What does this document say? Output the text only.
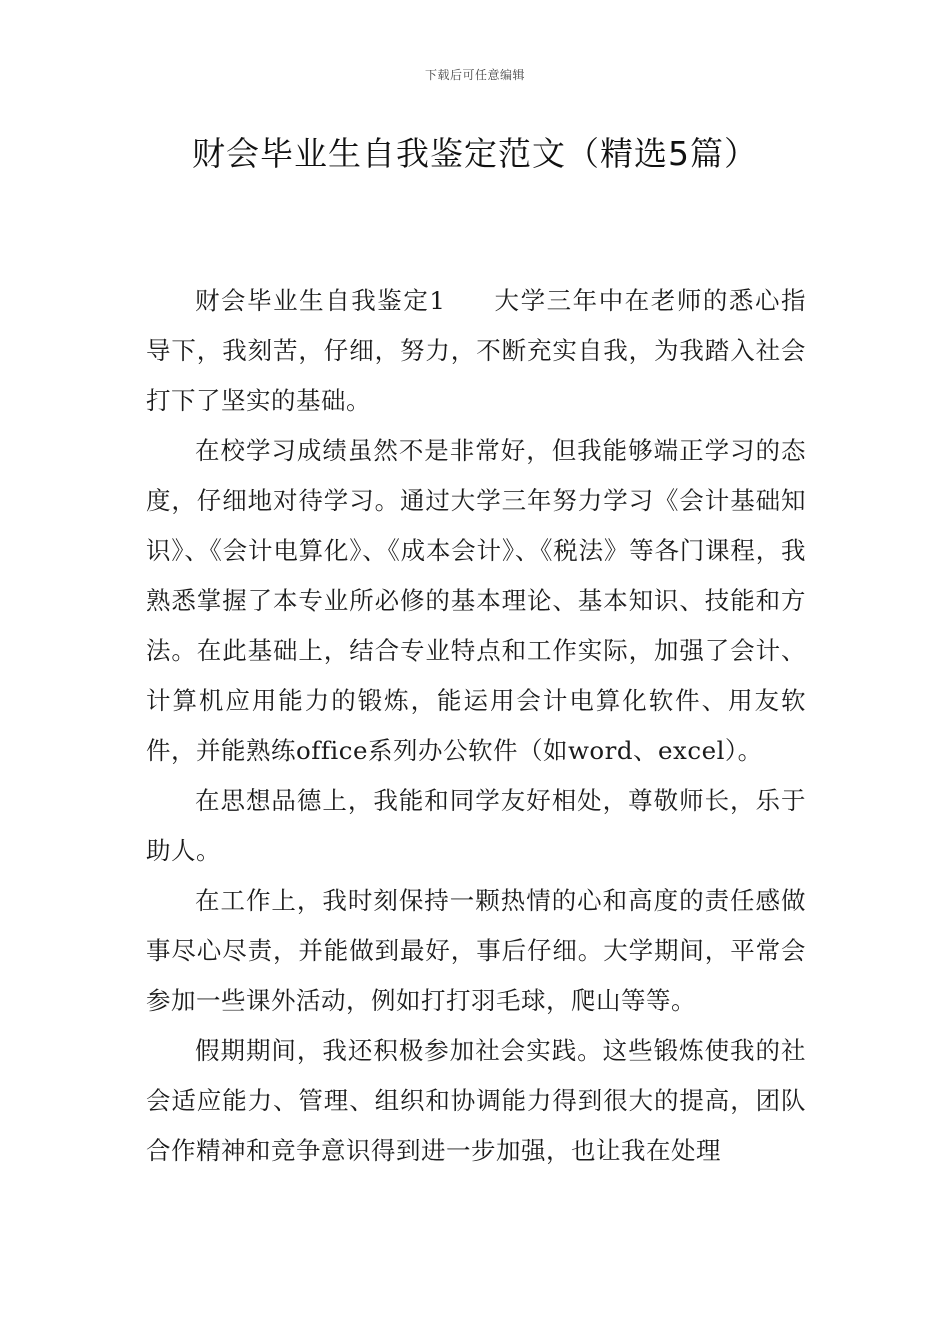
下载后可任意编辑
财会毕业生自我鉴定范文（精选5篇）

财会毕业生自我鉴定1 大学三年中在老师的悉心指导下，我刻苦，仔细，努力，不断充实自我，为我踏入社会打下了坚实的基础。

在校学习成绩虽然不是非常好，但我能够端正学习的态度，仔细地对待学习。通过大学三年努力学习《会计基础知识》、《会计电算化》、《成本会计》、《税法》等各门课程，我熟悉掌握了本专业所必修的基本理论、基本知识、技能和方法。在此基础上，结合专业特点和工作实际，加强了会计、计算机应用能力的锻炼，能运用会计电算化软件、用友软件，并能熟练office系列办公软件（如word、excel）。

在思想品德上，我能和同学友好相处，尊敬师长，乐于助人。

在工作上，我时刻保持一颗热情的心和高度的责任感做事尽心尽责，并能做到最好，事后仔细。大学期间，平常会参加一些课外活动，例如打打羽毛球，爬山等等。

假期期间，我还积极参加社会实践。这些锻炼使我的社会适应能力、管理、组织和协调能力得到很大的提高，团队合作精神和竞争意识得到进一步加强，也让我在处理
